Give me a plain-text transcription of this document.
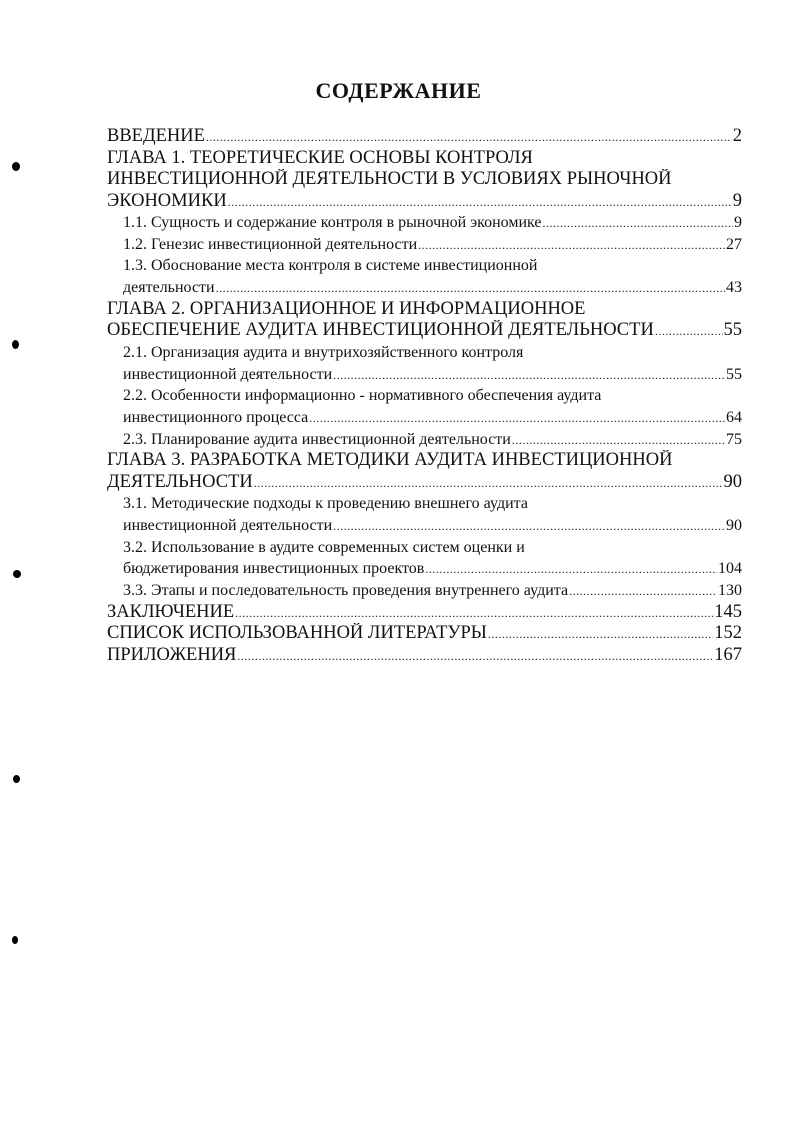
СОДЕРЖАНИЕ
ВВЕДЕНИЕ .....	2
ГЛАВА 1. ТЕОРЕТИЧЕСКИЕ ОСНОВЫ КОНТРОЛЯ
ИНВЕСТИЦИОННОЙ ДЕЯТЕЛЬНОСТИ В УСЛОВИЯХ РЫНОЧНОЙ
ЭКОНОМИКИ .....	9
1.1. Сущность и содержание контроля в рыночной экономике .....	9
1.2. Генезис инвестиционной деятельности .....	27
1.3. Обоснование места контроля в системе инвестиционной
деятельности .....	43
ГЛАВА 2. ОРГАНИЗАЦИОННОЕ И ИНФОРМАЦИОННОЕ
ОБЕСПЕЧЕНИЕ АУДИТА ИНВЕСТИЦИОННОЙ ДЕЯТЕЛЬНОСТИ .....	55
2.1. Организация аудита и внутрихозяйственного контроля
инвестиционной деятельности .....	55
2.2. Особенности информационно - нормативного обеспечения аудита
инвестиционного процесса .....	64
2.3. Планирование аудита инвестиционной деятельности .....	75
ГЛАВА 3. РАЗРАБОТКА МЕТОДИКИ АУДИТА ИНВЕСТИЦИОННОЙ
ДЕЯТЕЛЬНОСТИ .....	90
3.1. Методические подходы к проведению внешнего аудита
инвестиционной деятельности .....	90
3.2. Использование в аудите современных систем оценки и
бюджетирования инвестиционных проектов .....	104
3.3. Этапы и последовательность проведения внутреннего аудита .....	130
ЗАКЛЮЧЕНИЕ .....	145
СПИСОК ИСПОЛЬЗОВАННОЙ ЛИТЕРАТУРЫ .....	152
ПРИЛОЖЕНИЯ .....	167
